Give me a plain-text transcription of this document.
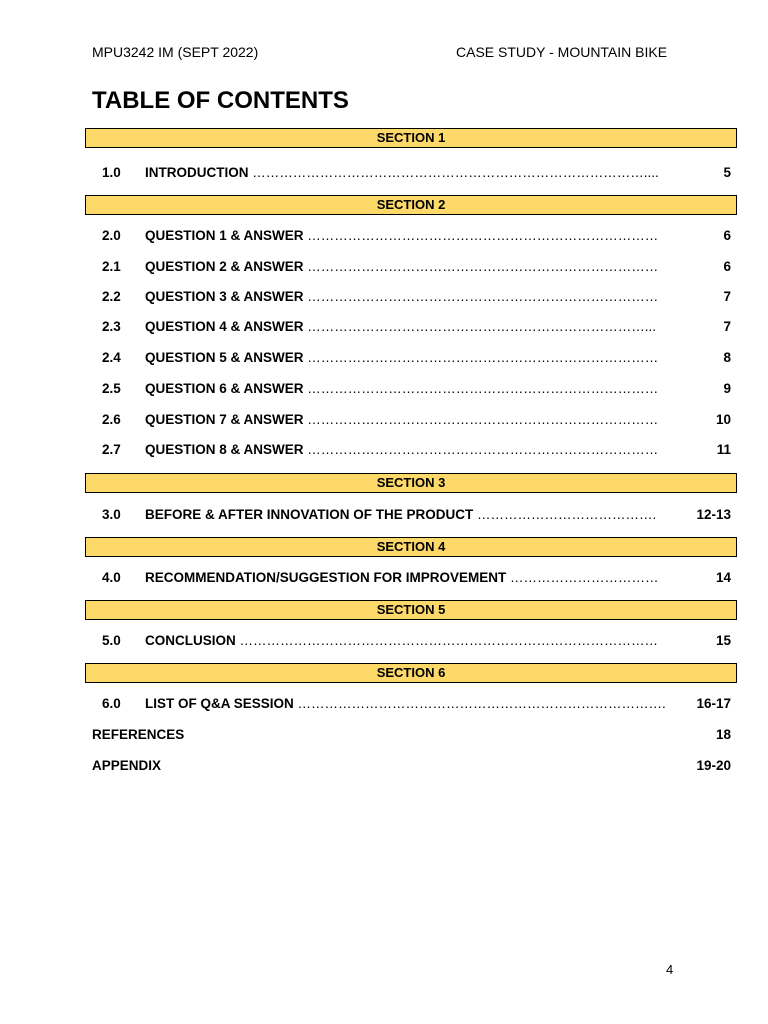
MPU3242 IM (SEPT 2022)	CASE STUDY - MOUNTAIN BIKE
TABLE OF CONTENTS
SECTION 1
1.0 INTRODUCTION ……………………………………………………………………………....	5
SECTION 2
2.0 QUESTION 1 & ANSWER ……………………………………………………………………	6
2.1 QUESTION 2 & ANSWER ……………………………………………………………………	6
2.2 QUESTION 3 & ANSWER ……………………………………………………………………	7
2.3 QUESTION 4 & ANSWER …………………………………………………………………...	7
2.4 QUESTION 5 & ANSWER ……………………………………………………………………	8
2.5 QUESTION 6 & ANSWER ……………………………………………………………………	9
2.6 QUESTION 7 & ANSWER ……………………………………………………………………	10
2.7 QUESTION 8 & ANSWER ……………………………………………………………………	11
SECTION 3
3.0 BEFORE & AFTER INNOVATION OF THE PRODUCT ………………………………….	12-13
SECTION 4
4.0 RECOMMENDATION/SUGGESTION FOR IMPROVEMENT ……………………………	14
SECTION 5
5.0 CONCLUSION …………………………………………………………………………………	15
SECTION 6
6.0 LIST OF Q&A SESSION ……………………………………………………………………….	16-17
REFERENCES	18
APPENDIX	19-20
4
